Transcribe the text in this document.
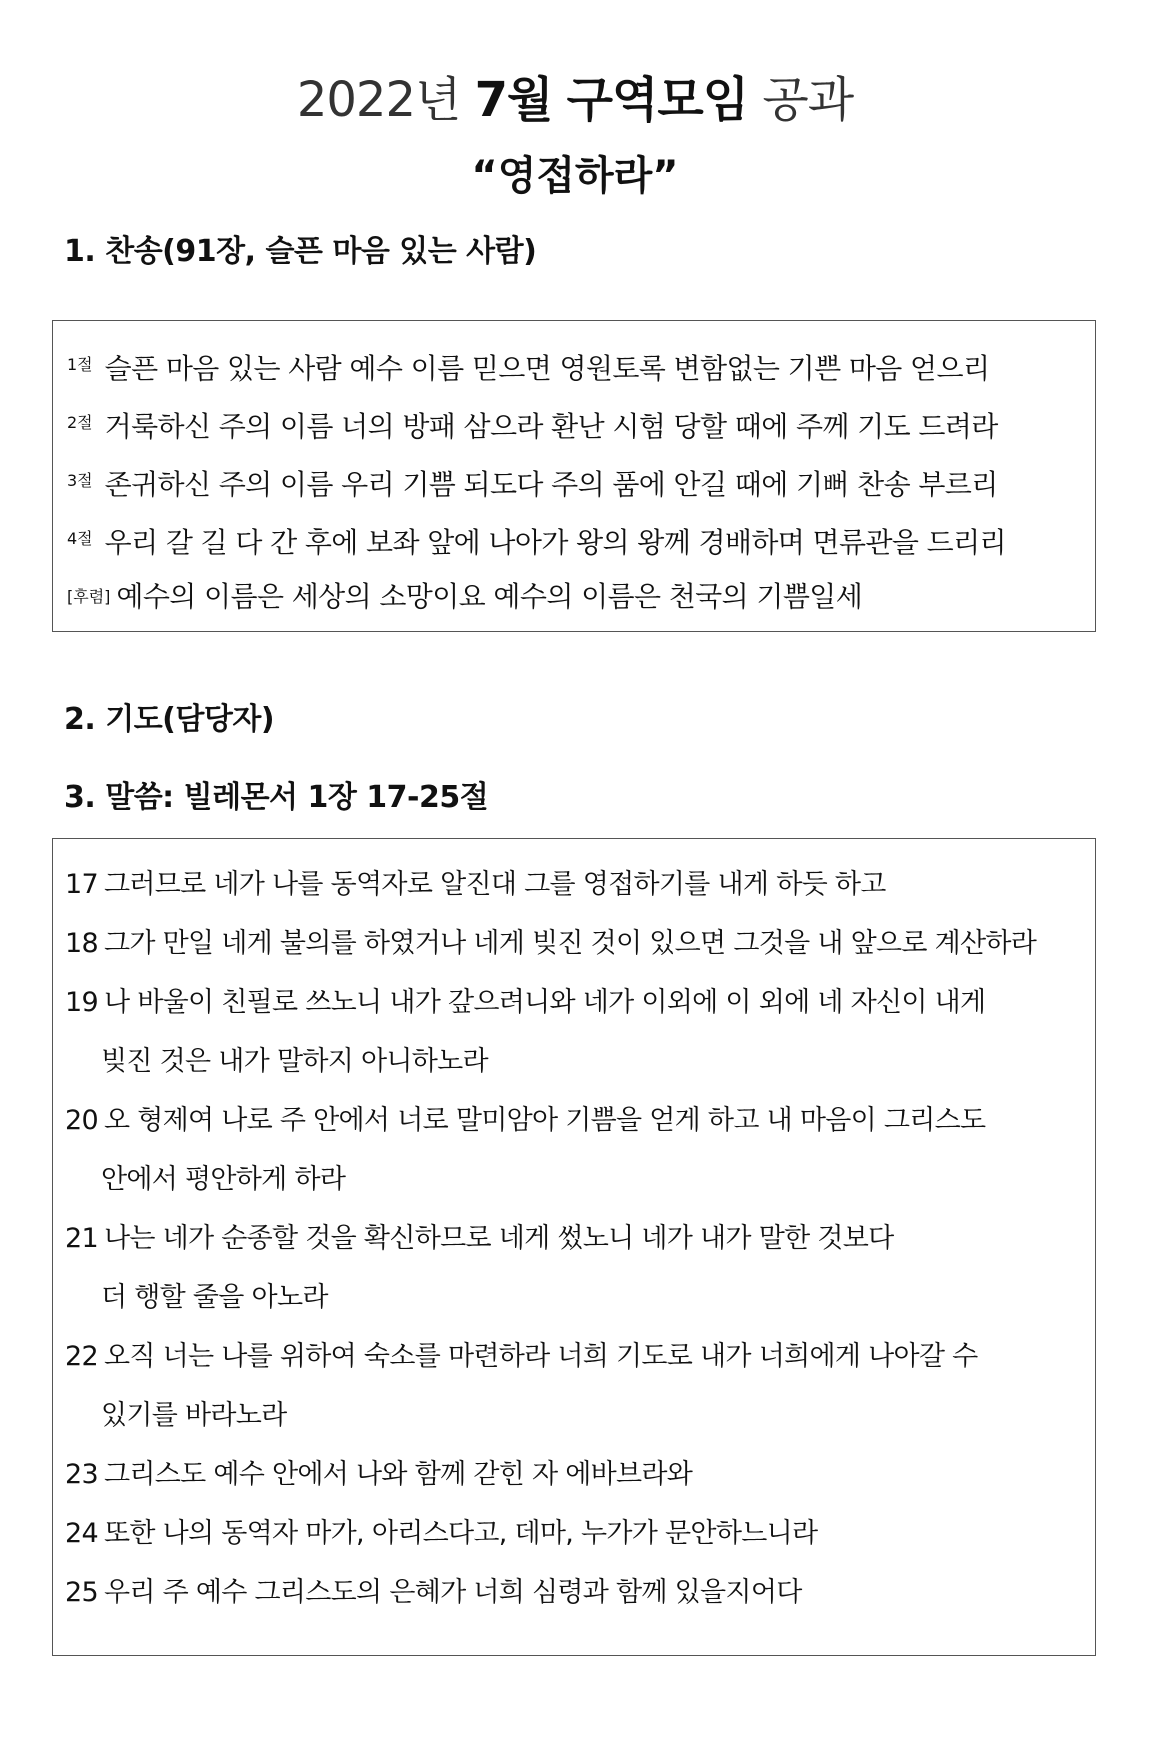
2022년 7월 구역모임 공과
“영접하라”
1. 찬송(91장, 슬픈 마음 있는 사람)
$^{1절}$ 슬픈 마음 있는 사람 예수 이름 믿으면 영원토록 변함없는 기쁜 마음 얻으리
$^{2절}$ 거룩하신 주의 이름 너의 방패 삼으라 환난 시험 당할 때에 주께 기도 드려라
$^{3절}$ 존귀하신 주의 이름 우리 기쁨 되도다 주의 품에 안길 때에 기뻐 찬송 부르리
$^{4절}$ 우리 갈 길 다 간 후에 보좌 앞에 나아가 왕의 왕께 경배하며 면류관을 드리리
[후렴] 예수의 이름은 세상의 소망이요 예수의 이름은 천국의 기쁨일세
2. 기도(담당자)
3. 말씀: 빌레몬서 1장 17-25절
17 그러므로 네가 나를 동역자로 알진대 그를 영접하기를 내게 하듯 하고
18 그가 만일 네게 불의를 하였거나 네게 빚진 것이 있으면 그것을 내 앞으로 계산하라
19 나 바울이 친필로 쓰노니 내가 갚으려니와 네가 이외에 이 외에 네 자신이 내게
빚진 것은 내가 말하지 아니하노라
20 오 형제여 나로 주 안에서 너로 말미암아 기쁨을 얻게 하고 내 마음이 그리스도
안에서 평안하게 하라
21 나는 네가 순종할 것을 확신하므로 네게 썼노니 네가 내가 말한 것보다
더 행할 줄을 아노라
22 오직 너는 나를 위하여 숙소를 마련하라 너희 기도로 내가 너희에게 나아갈 수
있기를 바라노라
23 그리스도 예수 안에서 나와 함께 갇힌 자 에바브라와
24 또한 나의 동역자 마가, 아리스다고, 데마, 누가가 문안하느니라
25 우리 주 예수 그리스도의 은혜가 너희 심령과 함께 있을지어다
